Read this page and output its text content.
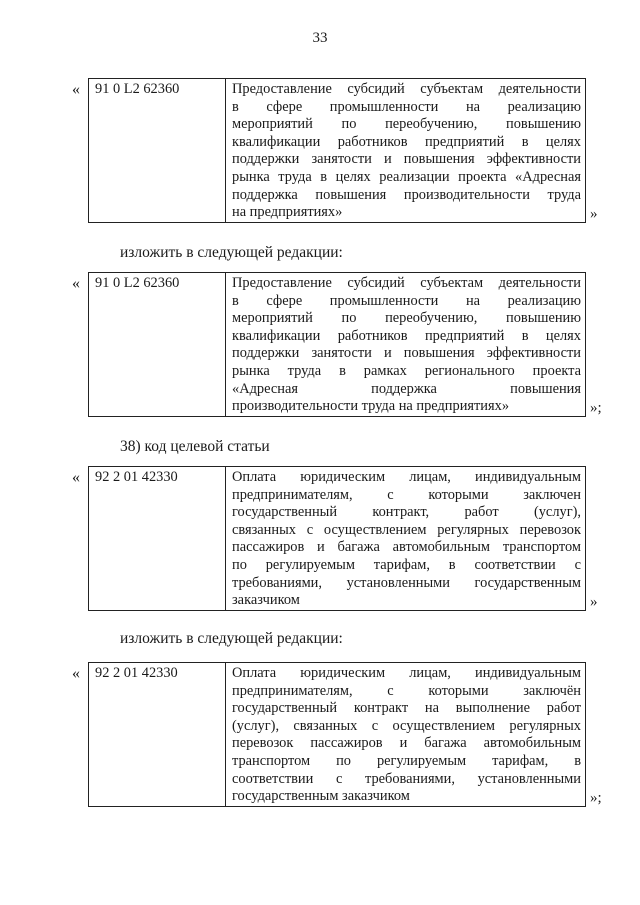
33
« 91 0 L2 62360	Предоставление субсидий субъектам деятельности
в сфере промышленности на реализацию
мероприятий по переобучению, повышению
квалификации работников предприятий в целях
поддержки занятости и повышения эффективности
рынка труда в целях реализации проекта «Адресная
поддержка повышения производительности труда
на предприятиях»	»
изложить в следующей редакции:
« 91 0 L2 62360	Предоставление субсидий субъектам деятельности
в сфере промышленности на реализацию
мероприятий по переобучению, повышению
квалификации работников предприятий в целях
поддержки занятости и повышения эффективности
рынка труда в рамках регионального проекта
«Адресная поддержка повышения
производительности труда на предприятиях»	»;
38) код целевой статьи
« 92 2 01 42330	Оплата юридическим лицам, индивидуальным
предпринимателям, с которыми заключен
государственный контракт, работ (услуг),
связанных с осуществлением регулярных перевозок
пассажиров и багажа автомобильным транспортом
по регулируемым тарифам, в соответствии с
требованиями, установленными государственным
заказчиком	»
изложить в следующей редакции:
« 92 2 01 42330	Оплата юридическим лицам, индивидуальным
предпринимателям, с которыми заключён
государственный контракт на выполнение работ
(услуг), связанных с осуществлением регулярных
перевозок пассажиров и багажа автомобильным
транспортом по регулируемым тарифам, в
соответствии с требованиями, установленными
государственным заказчиком	»;
